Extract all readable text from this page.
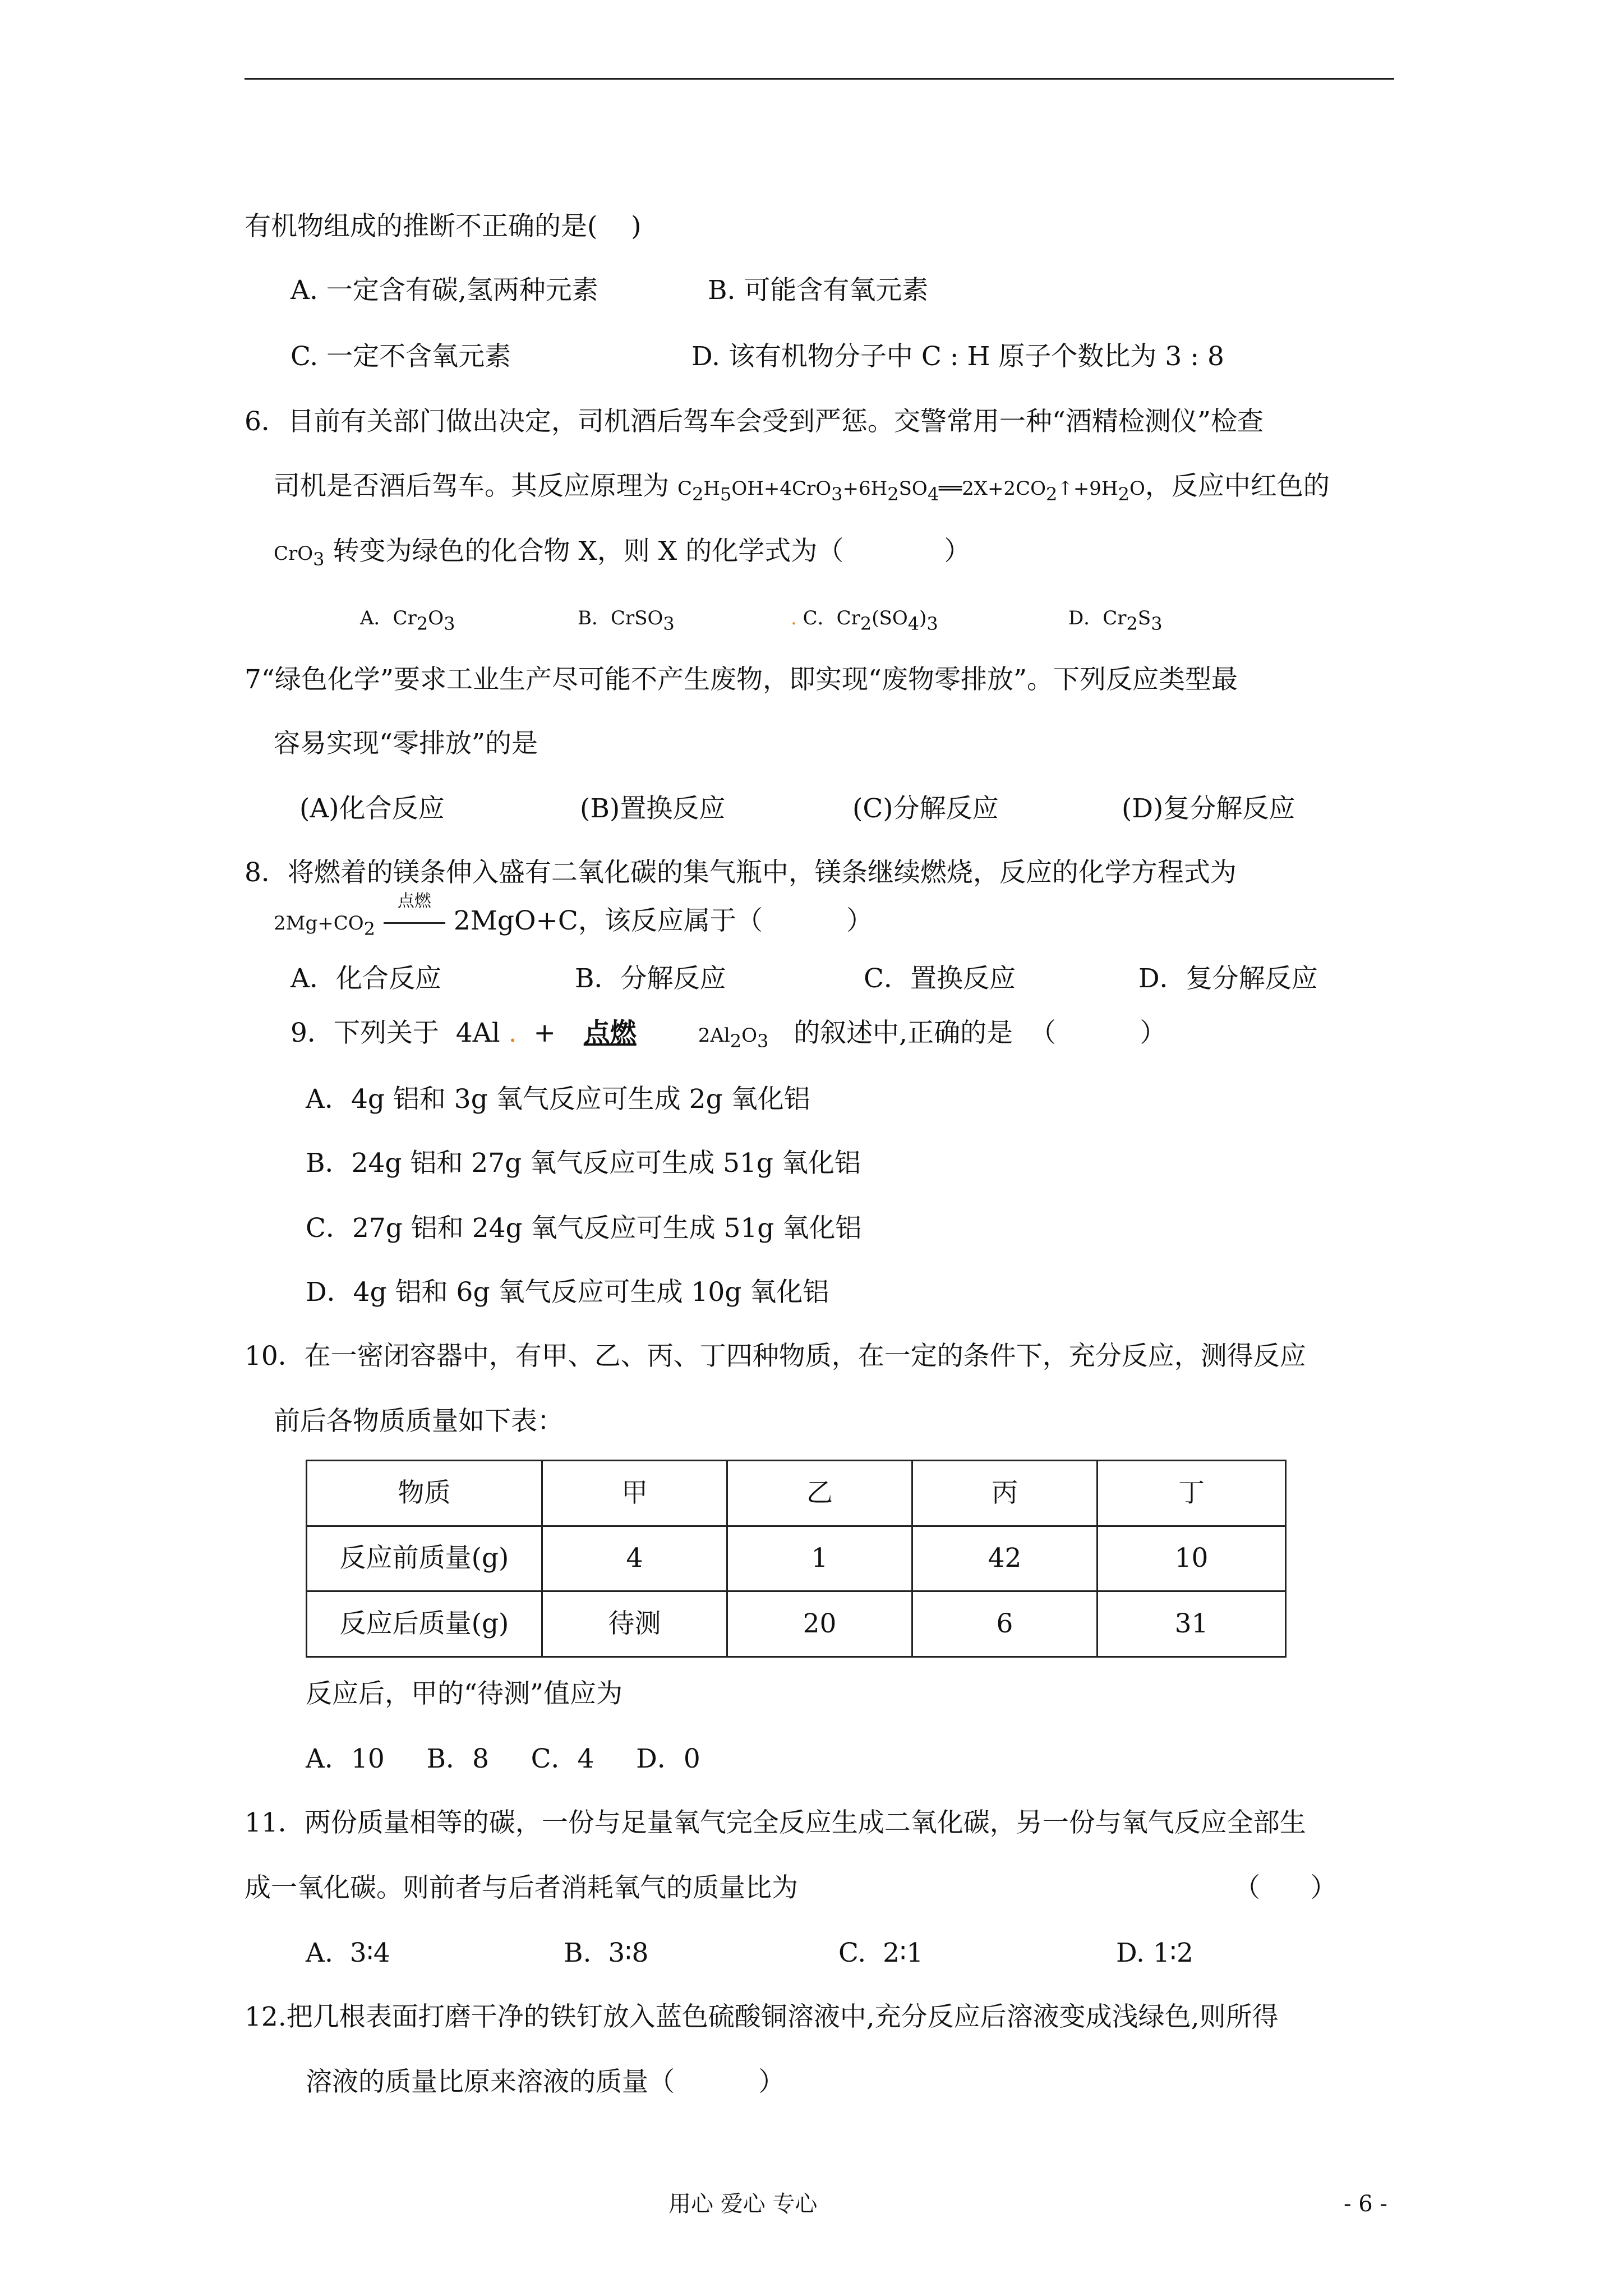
有机物组成的推断不正确的是(    )
A. 一定含有碳,氢两种元素	B. 可能含有氧元素
C. 一定不含氧元素	D. 该有机物分子中 C : H 原子个数比为 3 : 8
6．目前有关部门做出决定，司机酒后驾车会受到严惩。交警常用一种“酒精检测仪”检查
司机是否酒后驾车。其反应原理为 C2H5OH+4CrO3+6H2SO4══2X+2CO2↑+9H2O，反应中红色的
CrO$_3$ 转变为绿色的化合物 X，则 X 的化学式为（            ）
A．Cr2O3	B．CrSO3	. C．Cr2(SO4)3	D．Cr2S3
7“绿色化学”要求工业生产尽可能不产生废物，即实现“废物零排放”。下列反应类型最
容易实现“零排放”的是
(A)化合反应	(B)置换反应	(C)分解反应	(D)复分解反应
8．将燃着的镁条伸入盛有二氧化碳的集气瓶中，镁条继续燃烧，反应的化学方程式为
$2Mg+CO_2$
点燃
2MgO+C，该反应属于（          ）
A．化合反应	B．分解反应	C．置换反应	D．复分解反应
9．下列关于  4Al .  +  点燃	$2Al_2O_3$   的叙述中,正确的是  （          ）
A．4g 铝和 3g 氧气反应可生成 2g 氧化铝
B．24g 铝和 27g 氧气反应可生成 51g 氧化铝
C．27g 铝和 24g 氧气反应可生成 51g 氧化铝
D．4g 铝和 6g 氧气反应可生成 10g 氧化铝
10．在一密闭容器中，有甲、乙、丙、丁四种物质，在一定的条件下，充分反应，测得反应
前后各物质质量如下表：
物质	甲	乙	丙	丁
反应前质量(g)	4	1	42	10
反应后质量(g)	待测	20	6	31
反应后，甲的“待测”值应为
A．10     B．8     C．4     D．0
11．两份质量相等的碳，一份与足量氧气完全反应生成二氧化碳，另一份与氧气反应全部生
成一氧化碳。则前者与后者消耗氧气的质量比为	（      ）
A.  3∶4	B.  3∶8	C.  2∶1	D. 1∶2
12.把几根表面打磨干净的铁钉放入蓝色硫酸铜溶液中,充分反应后溶液变成浅绿色,则所得
溶液的质量比原来溶液的质量（          ）
用心 爱心 专心	- 6 -
